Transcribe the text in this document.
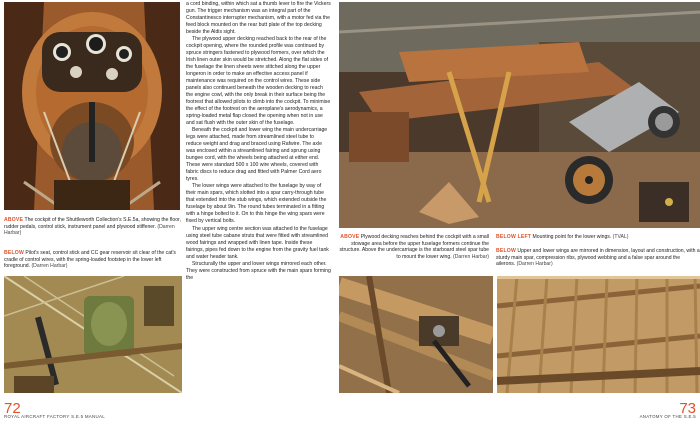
ABOVE The cockpit of the Shuttleworth Collection's S.E.5a, showing the floor, rudder pedals, control stick, instrument panel and plywood stiffener. (Darren Harbar)
BELOW Pilot's seat, control stick and CC gear reservoir sit clear of the cat's cradle of control wires, with the spring-loaded footstep in the lower left foreground. (Darren Harbar)

a cord binding, within which sat a thumb lever to fire the Vickers gun. The trigger mechanism was an integral part of the Constantinesco interrupter mechanism, with a motor fed via the feed block mounted on the rear butt plate of the top decking beside the Aldis sight.

The plywood upper decking reached back to the rear of the cockpit opening, where the rounded profile was continued by spruce stringers fastened to plywood formers, over which the Irish linen outer skin would be stretched. Along the flat sides of the fuselage the linen sheets were stitched along the upper longeron in order to make an effective access panel if maintenance was required on the control wires. These side panels also continued beneath the wooden decking to reach the engine cowl, with the only break in their surface being the footrest that allowed pilots to climb into the cockpit. To minimise the effect of the footrest on the aeroplane's aerodynamics, a spring-loaded metal flap closed the opening when not in use and sat flush with the outer skin of the fuselage.

Beneath the cockpit and lower wing the main undercarriage legs were attached, made from streamlined steel tube to reduce weight and drag and braced using Rafwire. The axle was enclosed within a streamlined fairing and sprung using bungee cord, with the wheels being attached at either end. These were standard 500 x 100 wire wheels, covered with fabric discs to reduce drag and fitted with Palmer Cord aero tyres.

The lower wings were attached to the fuselage by way of their main spars, which slotted into a spar carry-through tube that extended into the stub wings, which extended outside the fuselage by about 9in. The round tubes terminated in a fitting with a hinge bolted to it. On to this hinge the wing spars were fixed by vertical bolts.

The upper wing centre section was attached to the fuselage using steel tube cabane struts that were fitted with streamlined wood fairings and wrapped with linen tape. Inside these fairings, pipes fed down to the engine from the gravity fuel tank and water header tank.

Structurally the upper and lower wings mirrored each other. They were constructed from spruce with the main spars forming the

ABOVE Plywood decking reaches behind the cockpit with a small stowage area before the upper fuselage formers continue the structure. Above the undercarriage is the starboard steel spar tube to mount the lower wing. (Darren Harbar)
BELOW LEFT Mounting point for the lower wings. (TVAL)
BELOW Upper and lower wings are mirrored in dimension, layout and construction, with a sturdy main spar, compression ribs, plywood webbing and a false spar around the ailerons. (Darren Harbar)
72
ROYAL AIRCRAFT FACTORY S.E.5 MANUAL	73
ANATOMY OF THE S.E.5
